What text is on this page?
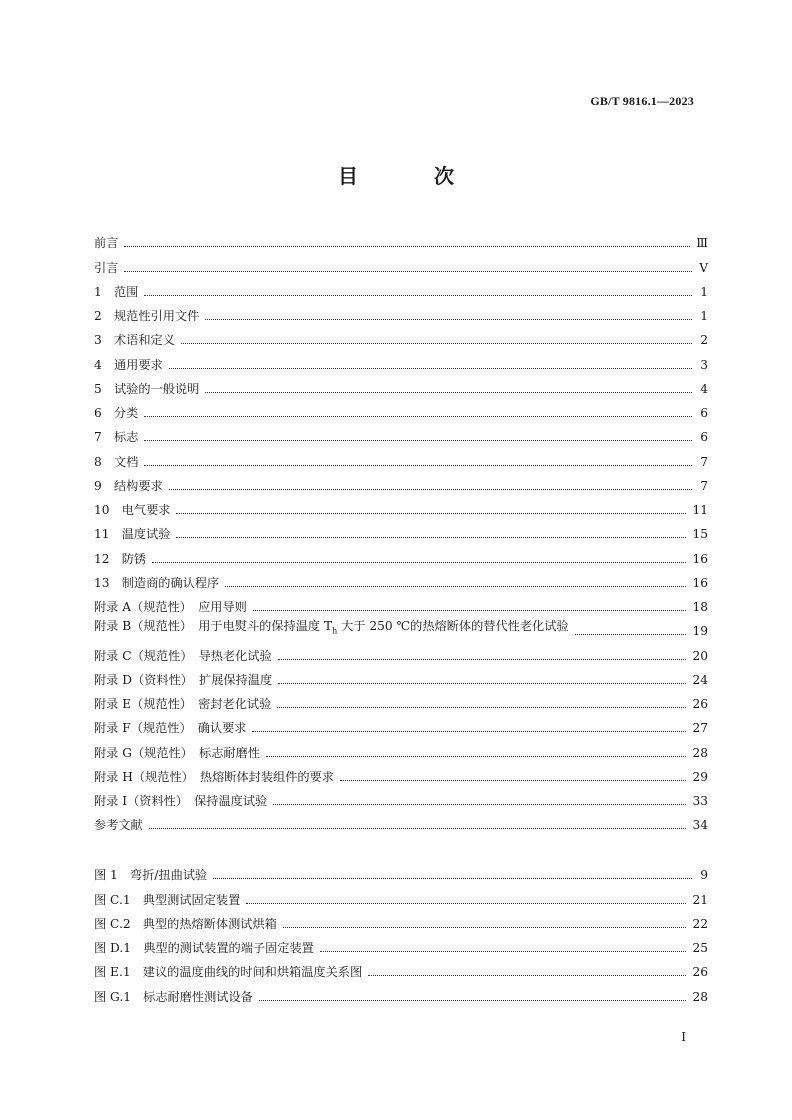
GB/T 9816.1—2023
目　次
前言	Ⅲ
引言	Ⅴ
1　范围	1
2　规范性引用文件	1
3　术语和定义	2
4　通用要求	3
5　试验的一般说明	4
6　分类	6
7　标志	6
8　文档	7
9　结构要求	7
10　电气要求	11
11　温度试验	15
12　防锈	16
13　制造商的确认程序	16
附录 A（规范性）　应用导则	18
附录 B（规范性）　用于电熨斗的保持温度 $T_h$ 大于 250 ℃的热熔断体的替代性老化试验	19
附录 C（规范性）　导热老化试验	20
附录 D（资料性）　扩展保持温度	24
附录 E（规范性）　密封老化试验	26
附录 F（规范性）　确认要求	27
附录 G（规范性）　标志耐磨性	28
附录 H（规范性）　热熔断体封装组件的要求	29
附录 I（资料性）　保持温度试验	33
参考文献	34
图 1　弯折/扭曲试验	9
图 C.1　典型测试固定装置	21
图 C.2　典型的热熔断体测试烘箱	22
图 D.1　典型的测试装置的端子固定装置	25
图 E.1　建议的温度曲线的时间和烘箱温度关系图	26
图 G.1　标志耐磨性测试设备	28
Ⅰ
